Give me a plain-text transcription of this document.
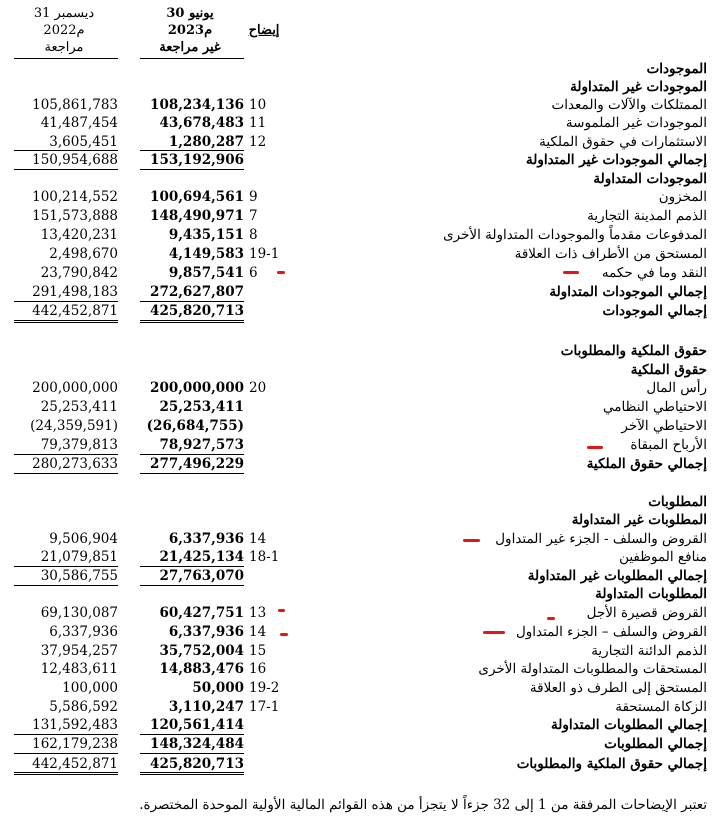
31 ديسمبر
2022م
مراجعة
30 يونيو
2023م
غير مراجعة
إيضاح
الموجودات
الموجودات غير المتداولة
الممتلكات والآلات والمعدات
10
108,234,136
105,861,783
الموجودات غير الملموسة
11
43,678,483
41,487,454
الاستثمارات في حقوق الملكية
12
1,280,287
3,605,451
إجمالي الموجودات غير المتداولة
153,192,906
150,954,688
الموجودات المتداولة
المخزون
9
100,694,561
100,214,552
الذمم المدينة التجارية
7
148,490,971
151,573,888
المدفوعات مقدماً والموجودات المتداولة الأخرى
8
9,435,151
13,420,231
المستحق من الأطراف ذات العلاقة
19-1
4,149,583
2,498,670
النقد وما في حكمه
6
9,857,541
23,790,842
إجمالي الموجودات المتداولة
272,627,807
291,498,183
إجمالي الموجودات
425,820,713
442,452,871
حقوق الملكية والمطلوبات
حقوق الملكية
رأس المال
20
200,000,000
200,000,000
الاحتياطي النظامي
25,253,411
25,253,411
الاحتياطي الآخر
(26,684,755)
(24,359,591)
الأرباح المبقاة
78,927,573
79,379,813
إجمالي حقوق الملكية
277,496,229
280,273,633
المطلوبات
المطلوبات غير المتداولة
القروض والسلف - الجزء غير المتداول
14
6,337,936
9,506,904
منافع الموظفين
18-1
21,425,134
21,079,851
إجمالي المطلوبات غير المتداولة
27,763,070
30,586,755
المطلوبات المتداولة
القروض قصيرة الأجل
13
60,427,751
69,130,087
القروض والسلف – الجزء المتداول
14
6,337,936
6,337,936
الذمم الدائنة التجارية
15
35,752,004
37,954,257
المستحقات والمطلوبات المتداولة الأخرى
16
14,883,476
12,483,611
المستحق إلى الطرف ذو العلاقة
19-2
50,000
100,000
الزكاة المستحقة
17-1
3,110,247
5,586,592
إجمالي المطلوبات المتداولة
120,561,414
131,592,483
إجمالي المطلوبات
148,324,484
162,179,238
إجمالي حقوق الملكية والمطلوبات
425,820,713
442,452,871
تعتبر الإيضاحات المرفقة من 1 إلى 32 جزءاً لا يتجزأ من هذه القوائم المالية الأولية الموحدة المختصرة.
